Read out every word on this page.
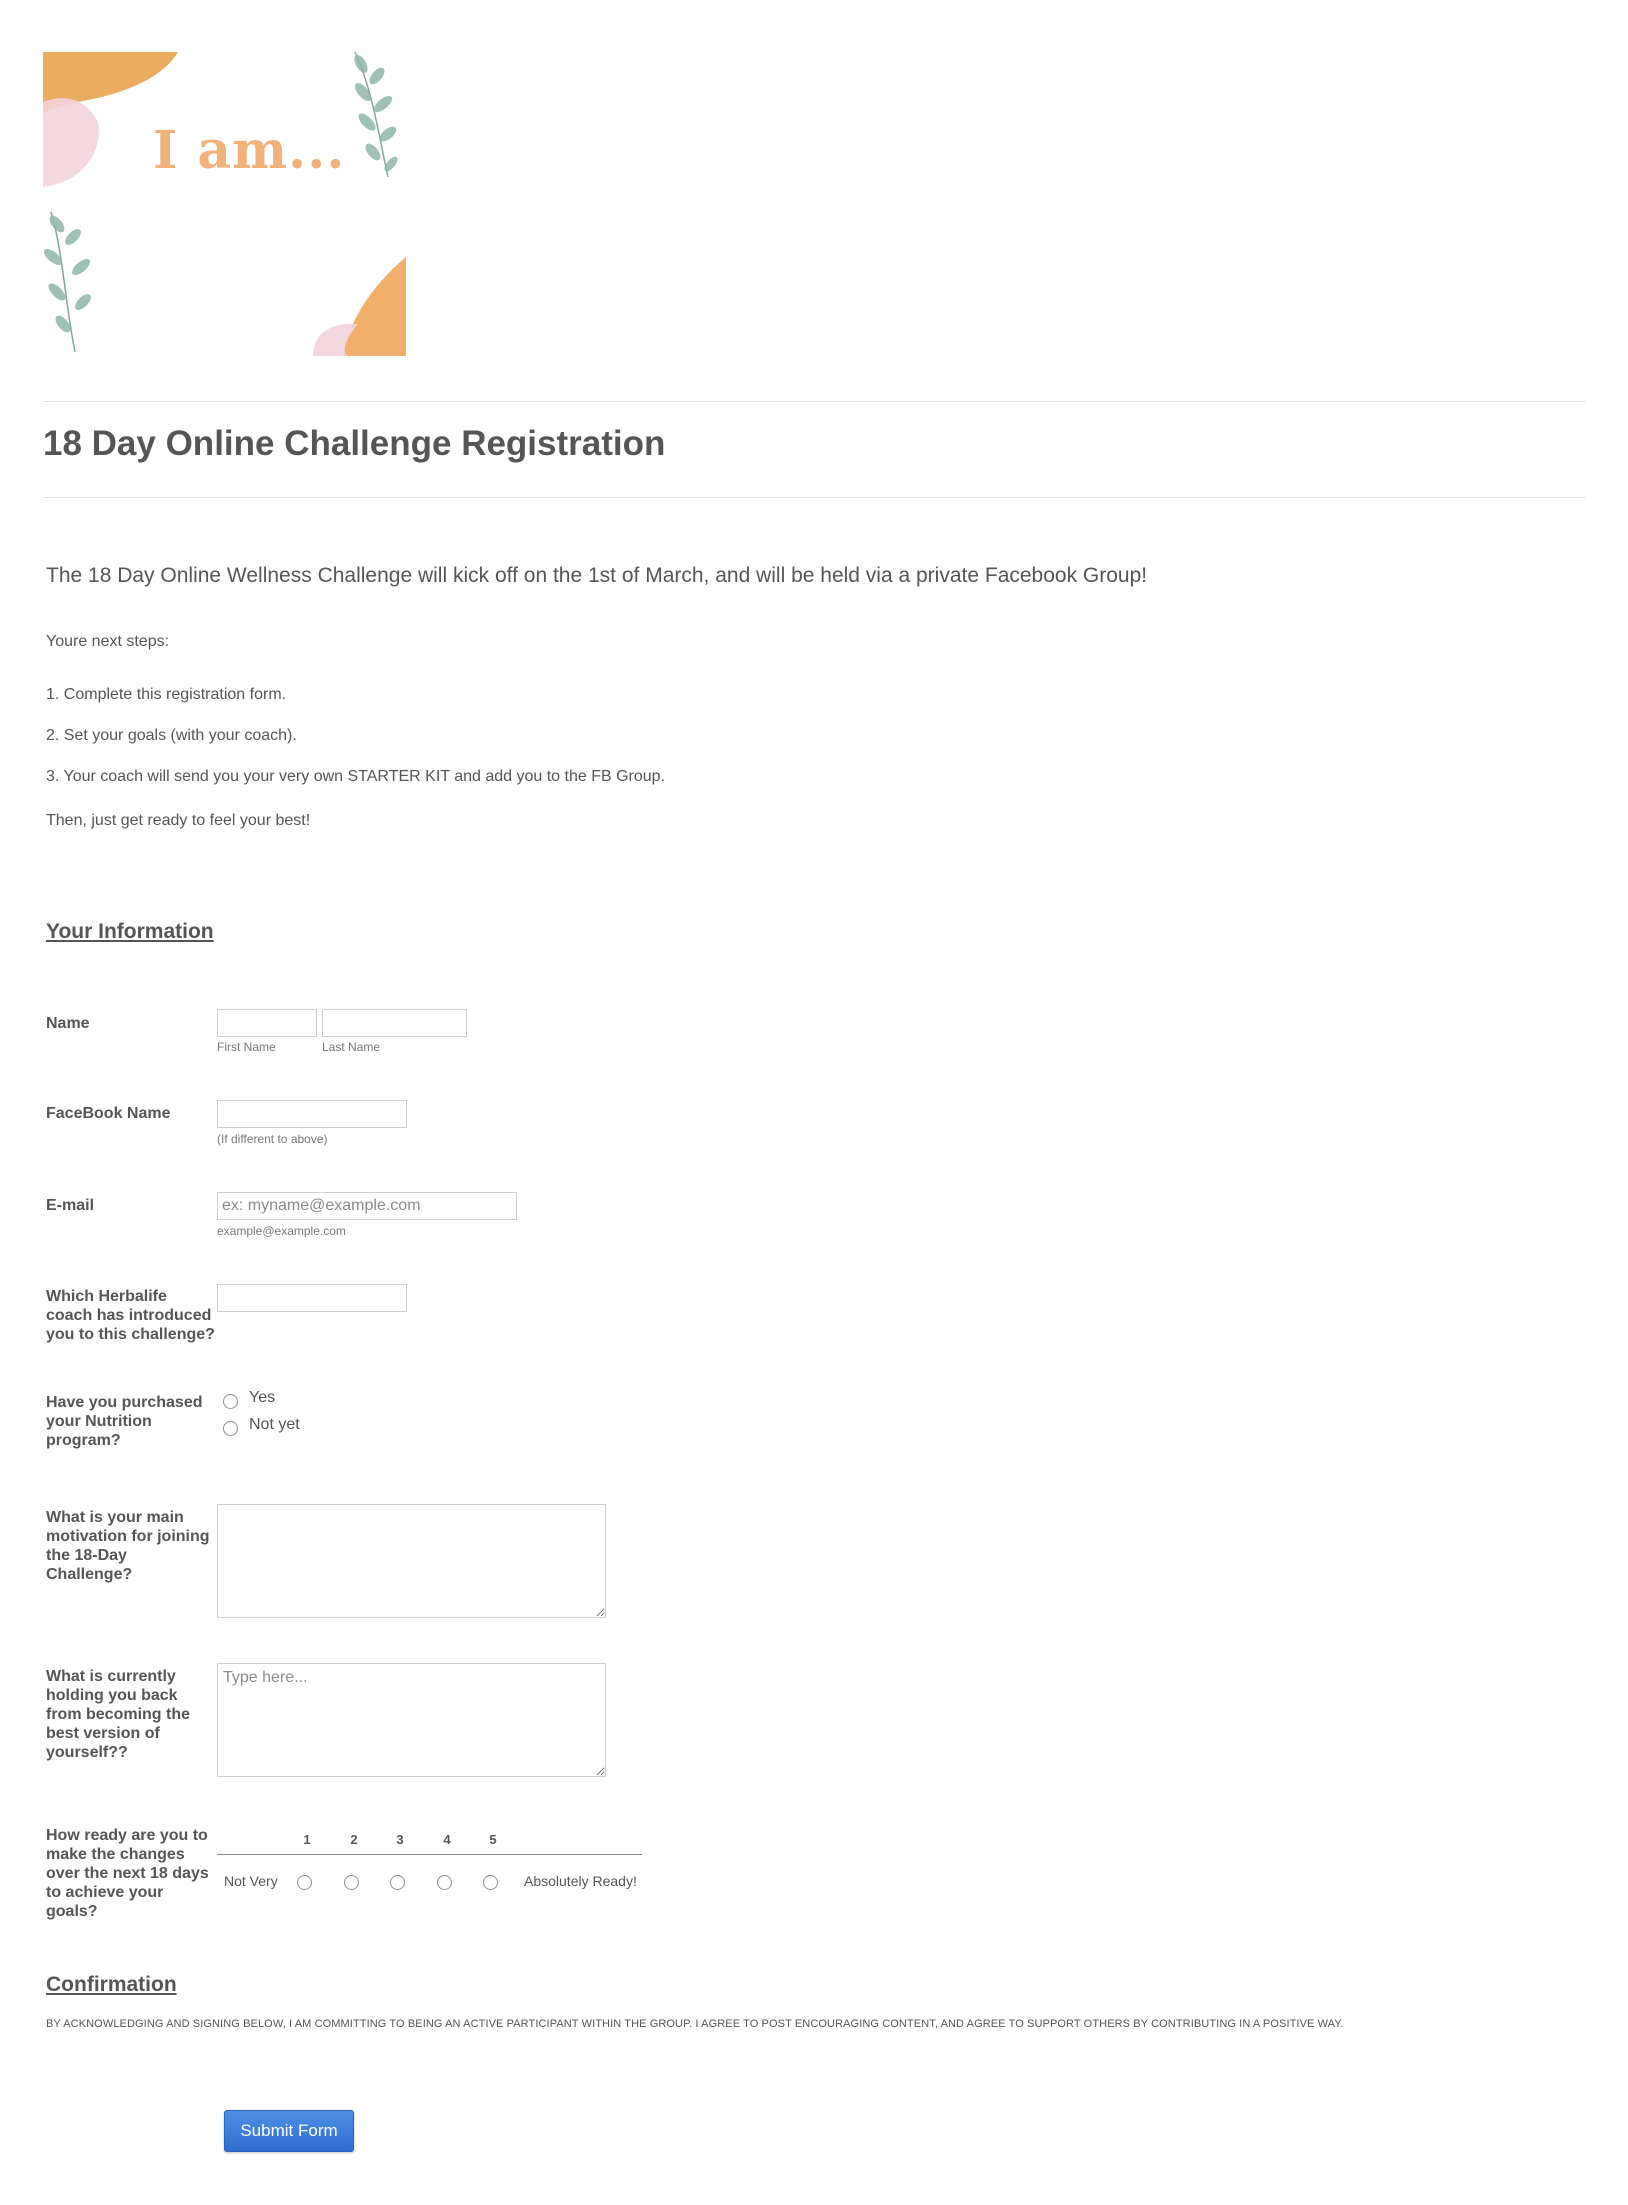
I am...
18 Day Online Challenge Registration
The 18 Day Online Wellness Challenge will kick off on the 1st of March, and will be held via a private Facebook Group!
Youre next steps:
1. Complete this registration form.
2. Set your goals (with your coach).
3. Your coach will send you your very own STARTER KIT and add you to the FB Group.
Then, just get ready to feel your best!
Your Information
Name
First Name	Last Name
FaceBook Name
(If different to above)
E-mail
ex: myname@example.com
example@example.com
Which Herbalife coach has introduced you to this challenge?
Have you purchased your Nutrition program?
Yes
Not yet
What is your main motivation for joining the 18-Day Challenge?
What is currently holding you back from becoming the best version of yourself??
Type here...
How ready are you to make the changes over the next 18 days to achieve your goals?
1	2	3	4	5
Not Very	Absolutely Ready!
Confirmation
BY ACKNOWLEDGING AND SIGNING BELOW, I AM COMMITTING TO BEING AN ACTIVE PARTICIPANT WITHIN THE GROUP. I AGREE TO POST ENCOURAGING CONTENT, AND AGREE TO SUPPORT OTHERS BY CONTRIBUTING IN A POSITIVE WAY.
Submit Form
